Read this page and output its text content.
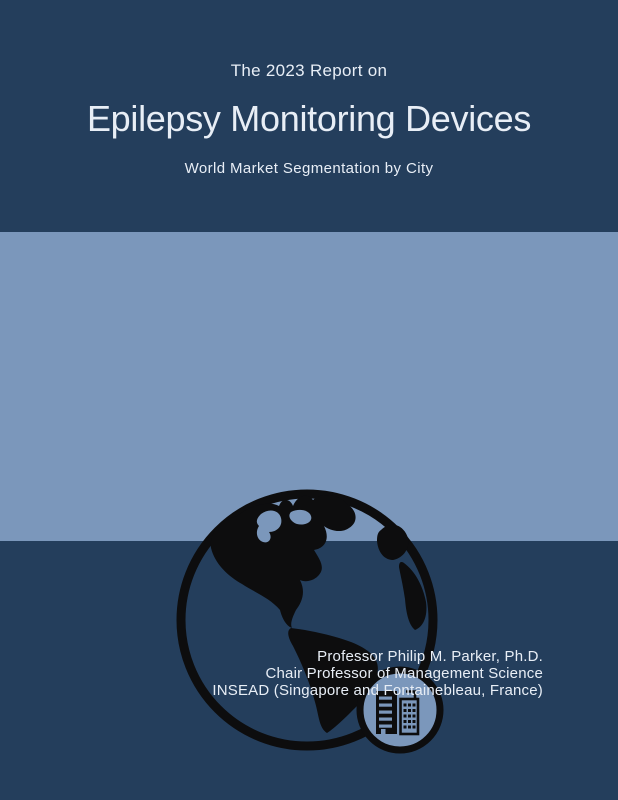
The 2023 Report on
Epilepsy Monitoring Devices
World Market Segmentation by City
Professor Philip M. Parker, Ph.D.
Chair Professor of Management Science
INSEAD (Singapore and Fontainebleau, France)
